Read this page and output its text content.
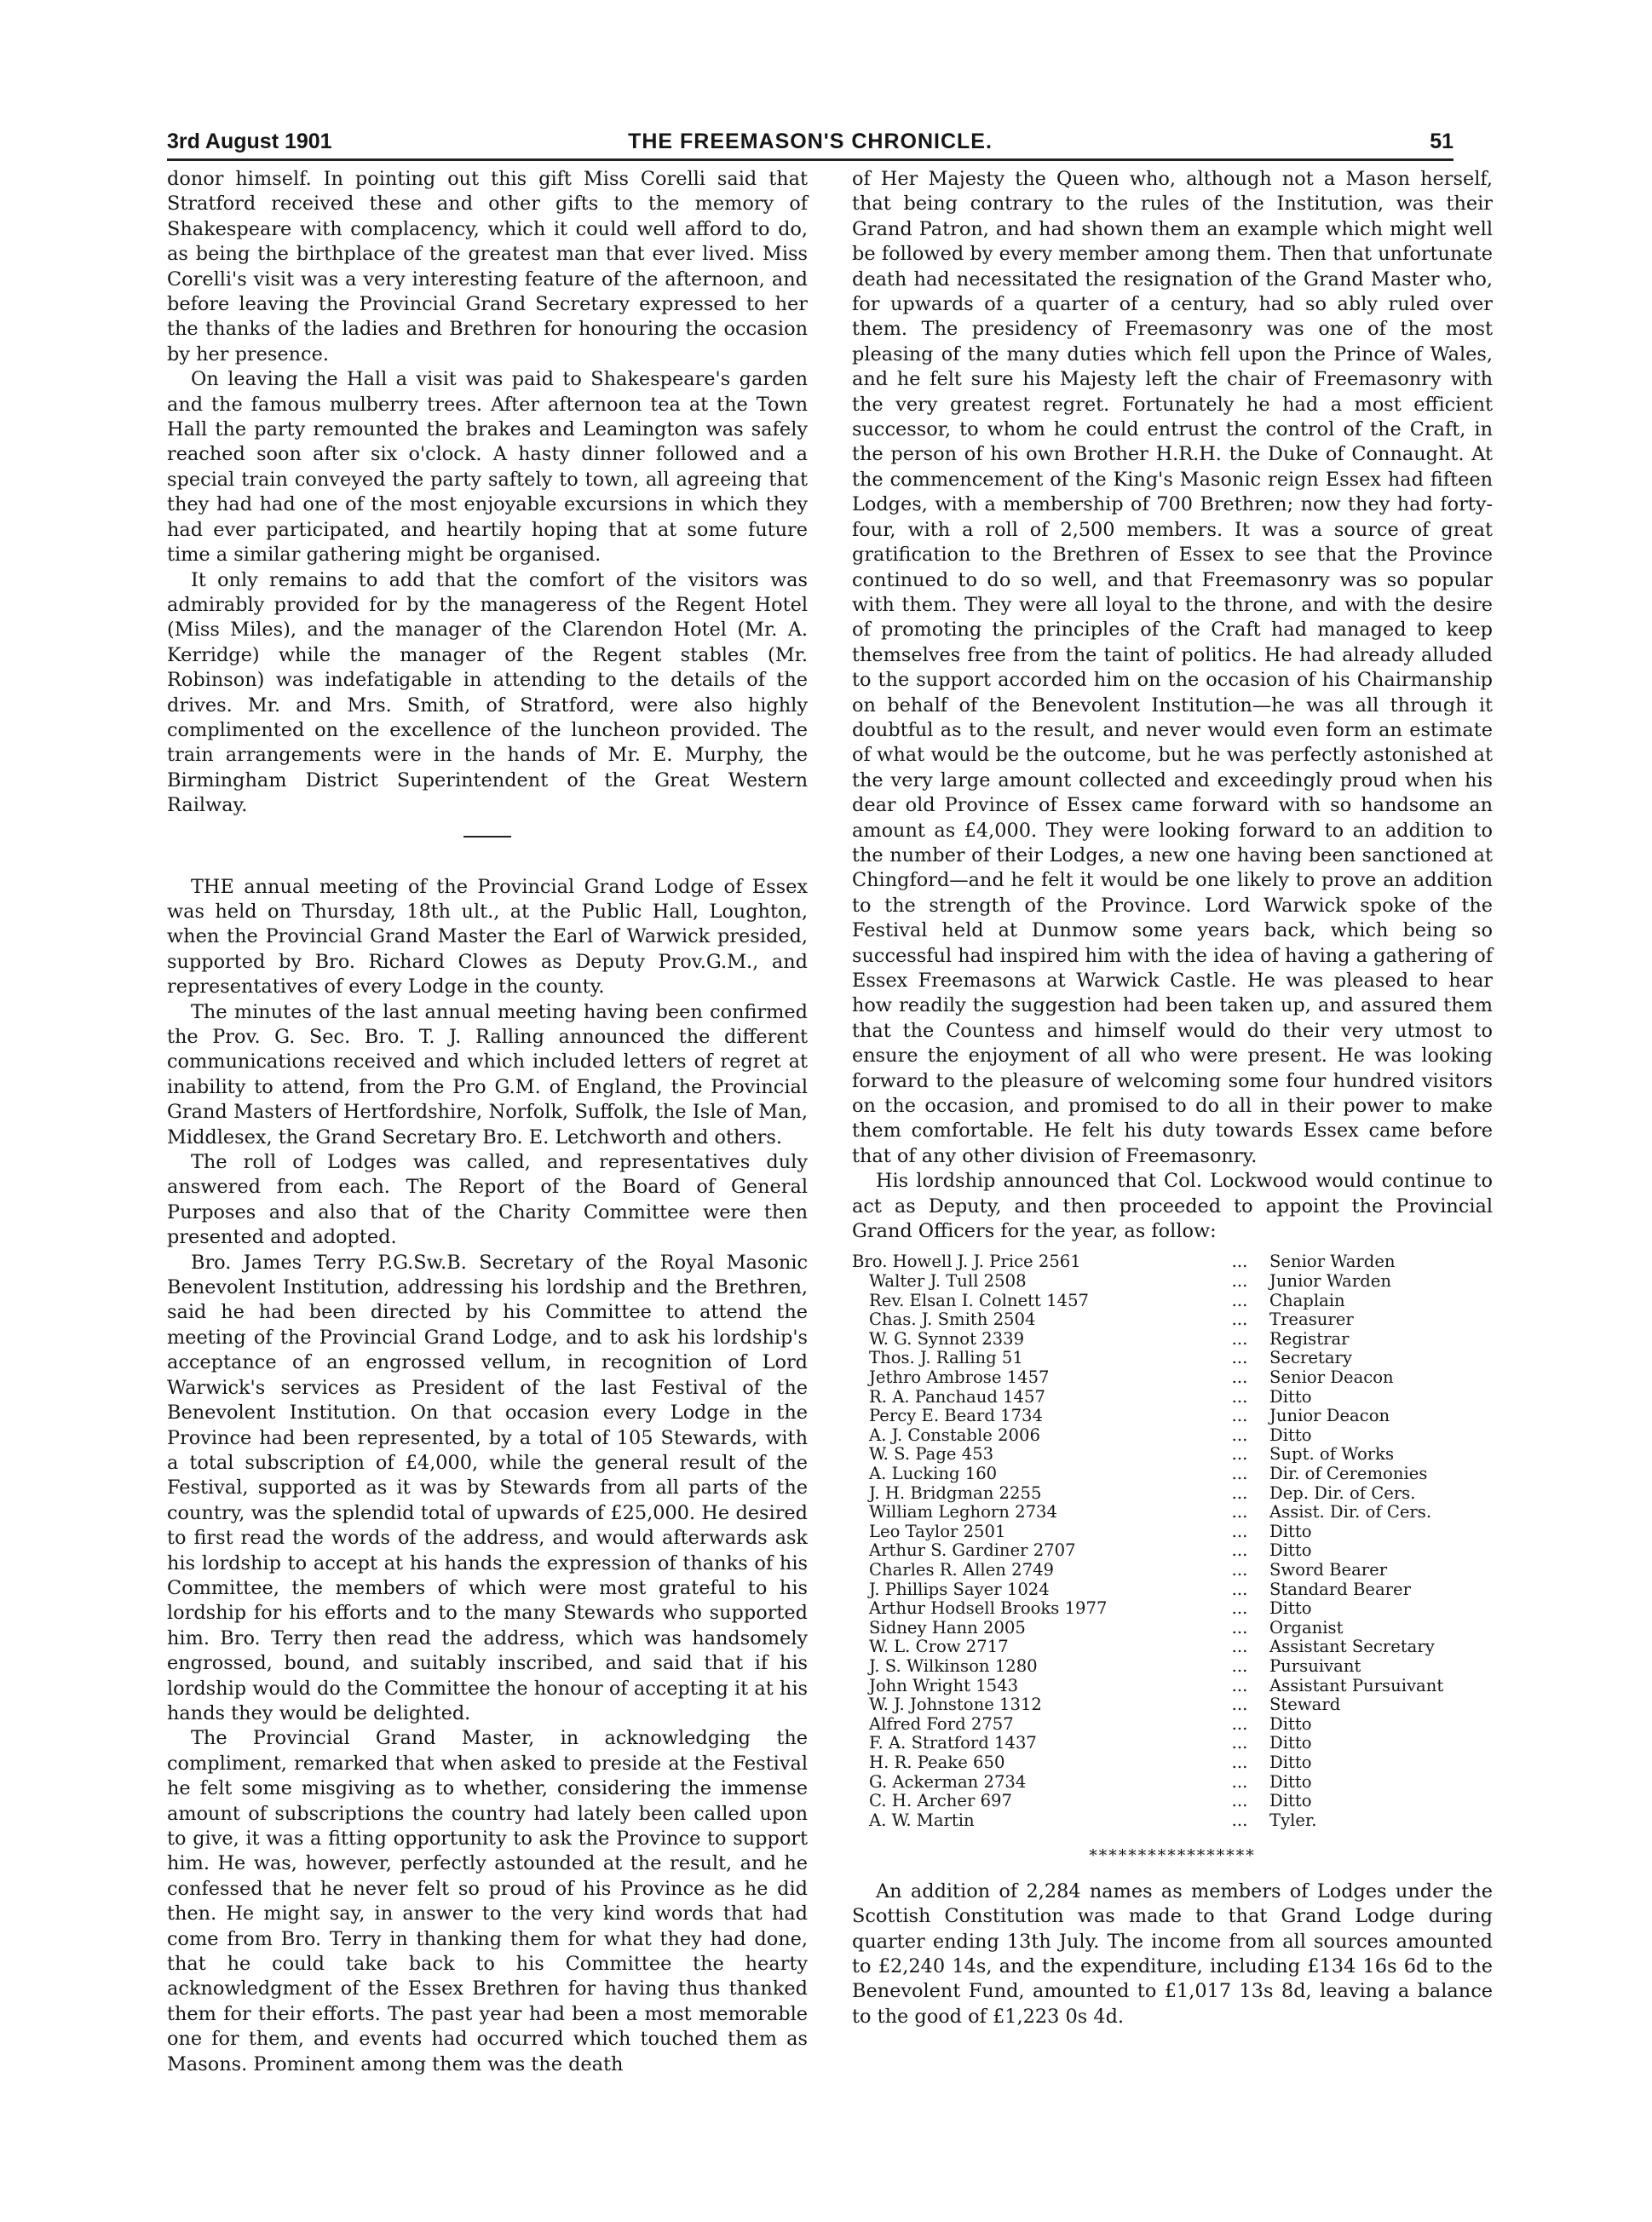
3rd August 1901	THE FREEMASON'S CHRONICLE.	51

donor himself. In pointing out this gift Miss Corelli said that Stratford received these and other gifts to the memory of Shakespeare with complacency, which it could well afford to do, as being the birthplace of the greatest man that ever lived. Miss Corelli's visit was a very interesting feature of the afternoon, and before leaving the Provincial Grand Secretary expressed to her the thanks of the ladies and Brethren for honouring the occasion by her presence.

On leaving the Hall a visit was paid to Shakespeare's garden and the famous mulberry trees. After afternoon tea at the Town Hall the party remounted the brakes and Leamington was safely reached soon after six o'clock. A hasty dinner followed and a special train conveyed the party saftely to town, all agreeing that they had had one of the most enjoyable excursions in which they had ever participated, and heartily hoping that at some future time a similar gathering might be organised.

It only remains to add that the comfort of the visitors was admirably provided for by the manageress of the Regent Hotel (Miss Miles), and the manager of the Clarendon Hotel (Mr. A. Kerridge) while the manager of the Regent stables (Mr. Robinson) was indefatigable in attending to the details of the drives. Mr. and Mrs. Smith, of Stratford, were also highly complimented on the excellence of the luncheon provided. The train arrangements were in the hands of Mr. E. Murphy, the Birmingham District Superintendent of the Great Western Railway.

THE annual meeting of the Provincial Grand Lodge of Essex was held on Thursday, 18th ult., at the Public Hall, Loughton, when the Provincial Grand Master the Earl of Warwick presided, supported by Bro. Richard Clowes as Deputy Prov.G.M., and representatives of every Lodge in the county.

The minutes of the last annual meeting having been confirmed the Prov. G. Sec. Bro. T. J. Ralling announced the different communications received and which included letters of regret at inability to attend, from the Pro G.M. of England, the Provincial Grand Masters of Hertfordshire, Norfolk, Suffolk, the Isle of Man, Middlesex, the Grand Secretary Bro. E. Letchworth and others.

The roll of Lodges was called, and representatives duly answered from each. The Report of the Board of General Purposes and also that of the Charity Committee were then presented and adopted.

Bro. James Terry P.G.Sw.B. Secretary of the Royal Masonic Benevolent Institution, addressing his lordship and the Brethren, said he had been directed by his Committee to attend the meeting of the Provincial Grand Lodge, and to ask his lordship's acceptance of an engrossed vellum, in recognition of Lord Warwick's services as President of the last Festival of the Benevolent Institution. On that occasion every Lodge in the Province had been represented, by a total of 105 Stewards, with a total subscription of £4,000, while the general result of the Festival, supported as it was by Stewards from all parts of the country, was the splendid total of upwards of £25,000. He desired to first read the words of the address, and would afterwards ask his lordship to accept at his hands the expression of thanks of his Committee, the members of which were most grateful to his lordship for his efforts and to the many Stewards who supported him. Bro. Terry then read the address, which was handsomely engrossed, bound, and suitably inscribed, and said that if his lordship would do the Committee the honour of accepting it at his hands they would be delighted.

The Provincial Grand Master, in acknowledging the compliment, remarked that when asked to preside at the Festival he felt some misgiving as to whether, considering the immense amount of subscriptions the country had lately been called upon to give, it was a fitting opportunity to ask the Province to support him. He was, however, perfectly astounded at the result, and he confessed that he never felt so proud of his Province as he did then. He might say, in answer to the very kind words that had come from Bro. Terry in thanking them for what they had done, that he could take back to his Committee the hearty acknowledgment of the Essex Brethren for having thus thanked them for their efforts. The past year had been a most memorable one for them, and events had occurred which touched them as Masons. Prominent among them was the death

of Her Majesty the Queen who, although not a Mason herself, that being contrary to the rules of the Institution, was their Grand Patron, and had shown them an example which might well be followed by every member among them. Then that unfortunate death had necessitated the resignation of the Grand Master who, for upwards of a quarter of a century, had so ably ruled over them. The presidency of Freemasonry was one of the most pleasing of the many duties which fell upon the Prince of Wales, and he felt sure his Majesty left the chair of Freemasonry with the very greatest regret. Fortunately he had a most efficient successor, to whom he could entrust the control of the Craft, in the person of his own Brother H.R.H. the Duke of Connaught. At the commencement of the King's Masonic reign Essex had fifteen Lodges, with a membership of 700 Brethren; now they had forty-four, with a roll of 2,500 members. It was a source of great gratification to the Brethren of Essex to see that the Province continued to do so well, and that Freemasonry was so popular with them. They were all loyal to the throne, and with the desire of promoting the principles of the Craft had managed to keep themselves free from the taint of politics. He had already alluded to the support accorded him on the occasion of his Chairmanship on behalf of the Benevolent Institution—he was all through it doubtful as to the result, and never would even form an estimate of what would be the outcome, but he was perfectly astonished at the very large amount collected and exceedingly proud when his dear old Province of Essex came forward with so handsome an amount as £4,000. They were looking forward to an addition to the number of their Lodges, a new one having been sanctioned at Chingford—and he felt it would be one likely to prove an addition to the strength of the Province. Lord Warwick spoke of the Festival held at Dunmow some years back, which being so successful had inspired him with the idea of having a gathering of Essex Freemasons at Warwick Castle. He was pleased to hear how readily the suggestion had been taken up, and assured them that the Countess and himself would do their very utmost to ensure the enjoyment of all who were present. He was looking forward to the pleasure of welcoming some four hundred visitors on the occasion, and promised to do all in their power to make them comfortable. He felt his duty towards Essex came before that of any other division of Freemasonry.

His lordship announced that Col. Lockwood would continue to act as Deputy, and then proceeded to appoint the Provincial Grand Officers for the year, as follow:

Bro. Howell J. J. Price 2561	...	Senior Warden
Walter J. Tull 2508	...	Junior Warden
Rev. Elsan I. Colnett 1457	...	Chaplain
Chas. J. Smith 2504	...	Treasurer
W. G. Synnot 2339	...	Registrar
Thos. J. Ralling 51	...	Secretary
Jethro Ambrose 1457	...	Senior Deacon
R. A. Panchaud 1457	...	Ditto
Percy E. Beard 1734	...	Junior Deacon
A. J. Constable 2006	...	Ditto
W. S. Page 453	...	Supt. of Works
A. Lucking 160	...	Dir. of Ceremonies
J. H. Bridgman 2255	...	Dep. Dir. of Cers.
William Leghorn 2734	...	Assist. Dir. of Cers.
Leo Taylor 2501	...	Ditto
Arthur S. Gardiner 2707	...	Ditto
Charles R. Allen 2749	...	Sword Bearer
J. Phillips Sayer 1024	...	Standard Bearer
Arthur Hodsell Brooks 1977	...	Ditto
Sidney Hann 2005	...	Organist
W. L. Crow 2717	...	Assistant Secretary
J. S. Wilkinson 1280	...	Pursuivant
John Wright 1543	...	Assistant Pursuivant
W. J. Johnstone 1312	...	Steward
Alfred Ford 2757	...	Ditto
F. A. Stratford 1437	...	Ditto
H. R. Peake 650	...	Ditto
G. Ackerman 2734	...	Ditto
C. H. Archer 697	...	Ditto
A. W. Martin	...	Tyler.
*****************

An addition of 2,284 names as members of Lodges under the Scottish Constitution was made to that Grand Lodge during quarter ending 13th July. The income from all sources amounted to £2,240 14s, and the expenditure, including £134 16s 6d to the Benevolent Fund, amounted to £1,017 13s 8d, leaving a balance to the good of £1,223 0s 4d.
